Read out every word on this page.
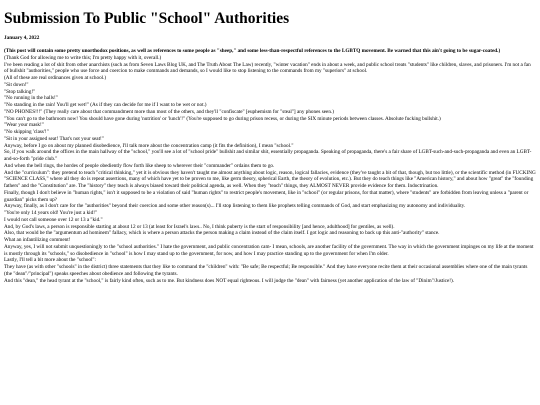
Submission To Public "School" Authorities
January 4, 2022
(This post will contain some pretty unorthodox positions, as well as references to some people as "sheep," and some less-than-respectful references to the LGBTQ movement. Be warned that this ain't going to be sugar-coated.)
(Thank God for allowing me to write this; I'm pretty happy with it, overall.)
I've been reading a lot of shit from other anarchists (such as from Seven Laws Blog UK, and The Truth About The Law) recently, "winter vacation" ends in about a week, and public school treats "students" like children, slaves, and prisoners. I'm not a fan of bullshit "authorities," people who use force and coercion to make commands and demands, so I would like to stop listening to the commands from my "superiors" at school.
(All of these are real ordinances given at school.)
"Sit down!"
"Stop talking!"
"No running in the halls!"
"No standing in the rain! You'll get wet!" (As if they can decide for me if I want to be wet or not.)
"NO PHONES!!!" (They really care about that commandment more than most of the others, and they'll "confiscate" [euphemism for "steal"] any phones seen.)
"You can't go to the bathroom now! You should have gone during 'nutrition' or 'lunch'!" (You're supposed to go during prison recess, or during the SIX minute periods between classes. Absolute fucking bullshit.)
"Wear your mask!"
"No skipping 'class'!"
"Sit in your assigned seat! That's not your seat!"
Anyway, before I go on about my planned disobedience, I'll talk more about the concentration camp (it fits the definition), I mean "school."
So, if you walk around the offices in the main hallway of the "school," you'll see a lot of "school pride" bullshit and similar shit, essentially propaganda. Speaking of propaganda, there's a fair share of LGBT-such-and-such-propaganda and even an LGBT-and-so-forth "pride club."
And when the bell rings, the hordes of people obediently flow forth like sheep to wherever their "commander" ordains them to go.
And the "curriculum": they pretend to teach "critical thinking," yet it is obvious they haven't taught me almost anything about logic, reason, logical fallacies, evidence (they've taught a bit of that, though, but too little), or the scientific method (in FUCKING "SCIENCE CLASS," where all they do is repeat assertions, many of which have yet to be proven to me, like germ theory, spherical Earth, the theory of evolution, etc.). But they do teach things like "American history," and about how "great" the "founding fathers" and the "Constitution" are. The "history" they teach is always biased toward their political agenda, as well. When they "teach" things, they ALMOST NEVER provide evidence for them. Indoctrination.
Finally, though I don't believe in "human rights," isn't it supposed to be a violation of said "human rights" to restrict people's movement, like in "school" (or regular prisons, for that matter), where "students" are forbidden from leaving unless a "parent or guardian" picks them up?
Anyway, finally, as I don't care for the "authorities" beyond their coercion and some other reason(s)... I'll stop listening to them like prophets telling commands of God, and start emphasizing my autonomy and individuality.
"You're only 14 years old! You're just a kid!"
I would not call someone over 12 or 13 a "kid."
And, by God's laws, a person is responsible starting at about 12 or 13 (at least for Israel's laws.. No, I think puberty is the start of responsibility [and hence, adulthood] for gentiles, as well).
Also, that would be the "argumentum ad hominem" fallacy, which is where a person attacks the person making a claim instead of the claim itself. I got logic and reasoning to back up this anti-"authority" stance.
What an infantilizing comment!
Anyway, yes, I will not submit unquestioningly to the "school authorities." I hate the government, and public concentration cam- I mean, schools, are another facility of the government. The way in which the government impinges on my life at the moment is mostly through its "schools," so disobedience in "school" is how I may stand up to the government, for now, and how I may practice standing up to the government for when I'm older.
Lastly, I'll tell a bit more about the "school":
They have (as with other "schools" in the district) three statements that they like to command the "children" with: "Be safe; Be respectful; Be responsible." And they have everyone recite them at their occasional assemblies where one of the main tyrants (the "dean"/"principal") speaks speeches about obedience and following the tyrants.
And this "dean," the head tyrant at the "school," is fairly kind often, such as to me. But kindness does NOT equal righteous. I will judge the "dean" with fairness (yet another application of the law of "Dinim"/Justice!).
